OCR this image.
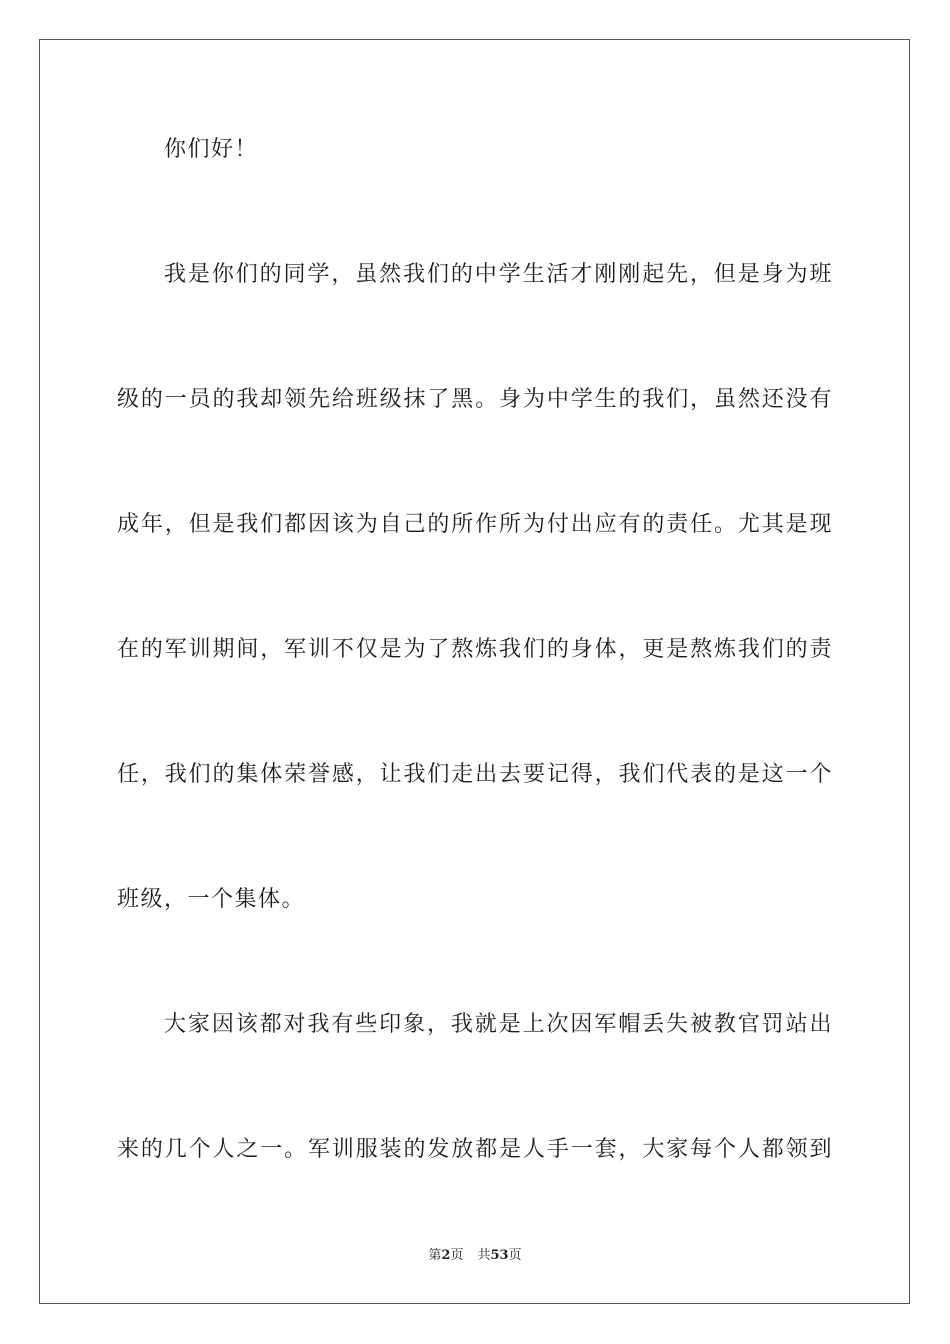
你们好！
我是你们的同学，虽然我们的中学生活才刚刚起先，但是身为班
级的一员的我却领先给班级抹了黑。身为中学生的我们，虽然还没有
成年，但是我们都因该为自己的所作所为付出应有的责任。尤其是现
在的军训期间，军训不仅是为了熬炼我们的身体，更是熬炼我们的责
任，我们的集体荣誉感，让我们走出去要记得，我们代表的是这一个
班级，一个集体。
大家因该都对我有些印象，我就是上次因军帽丢失被教官罚站出
来的几个人之一。军训服装的发放都是人手一套，大家每个人都领到
第2页 共53页
